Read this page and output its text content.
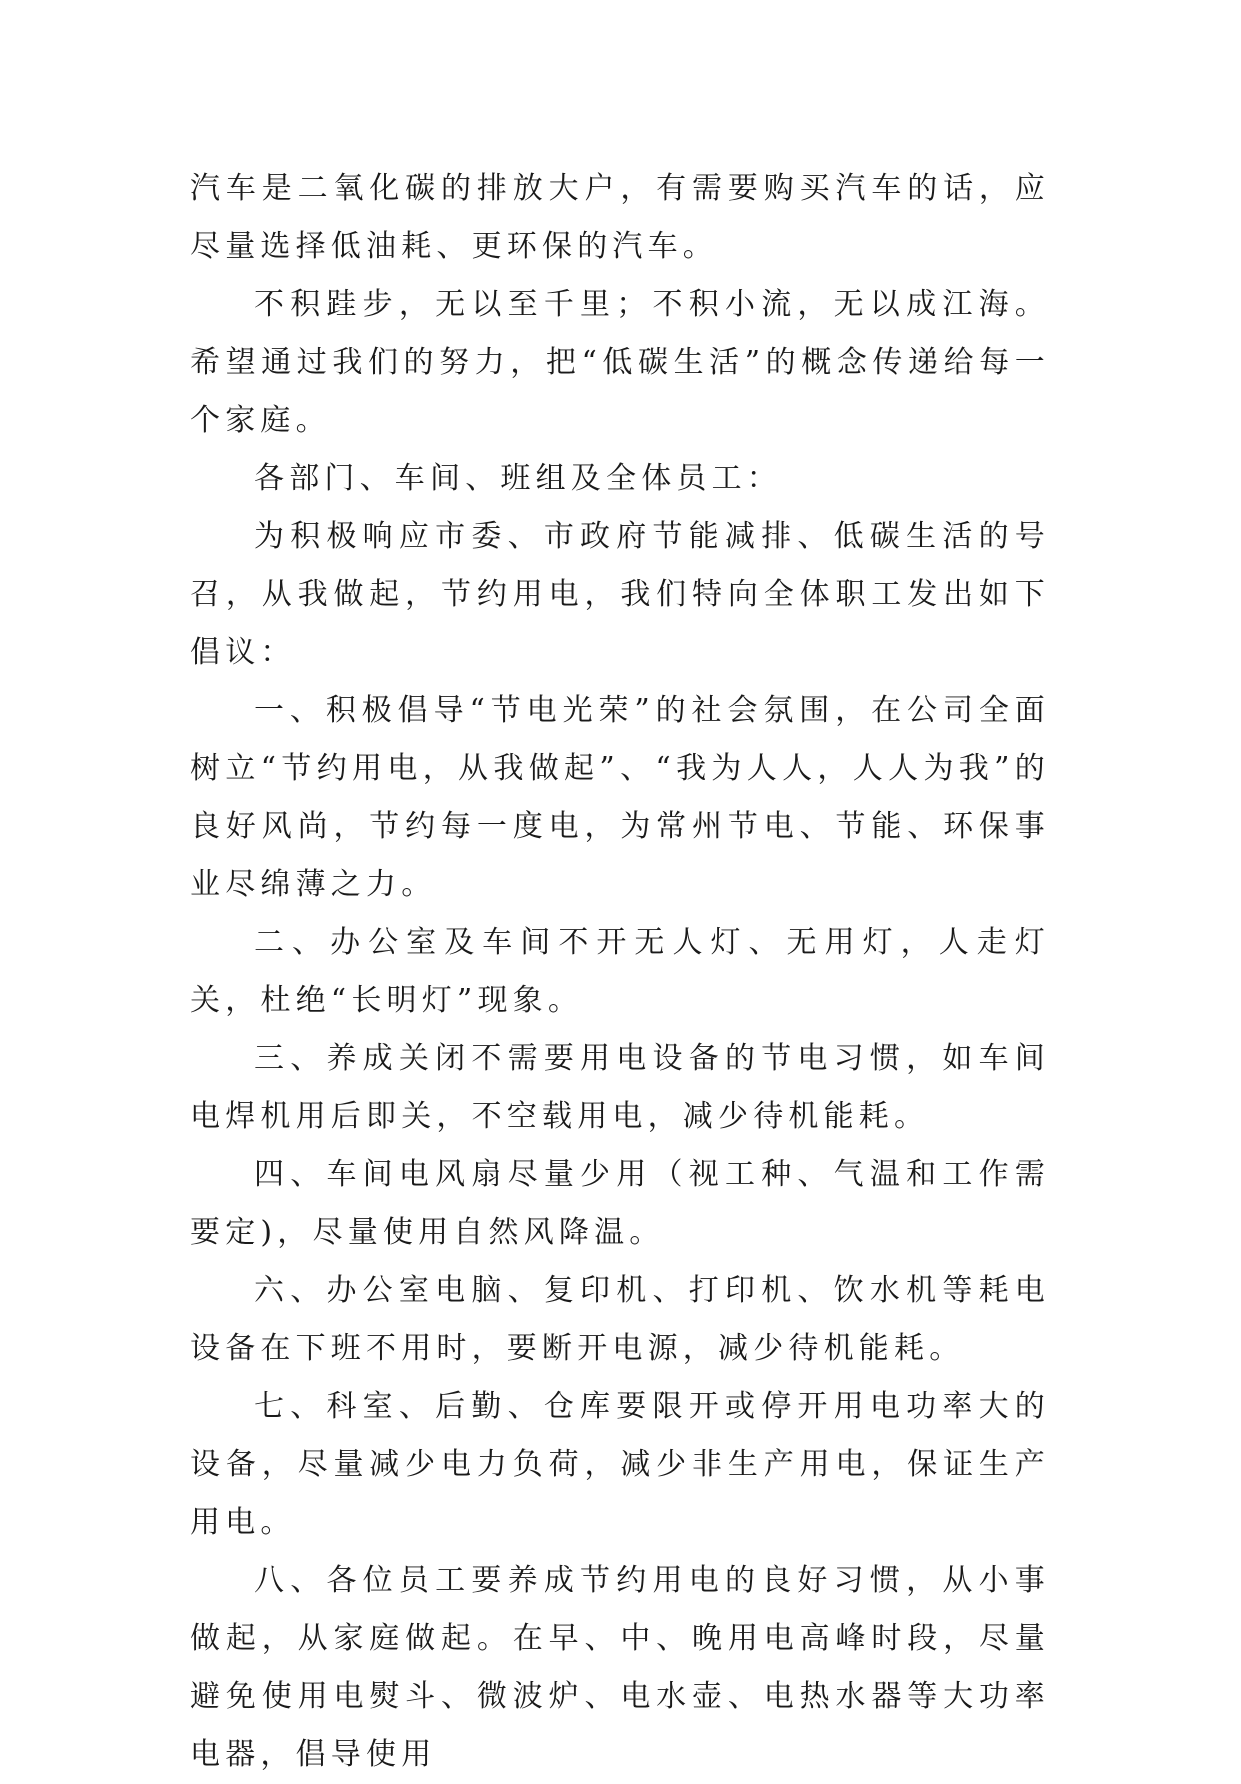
汽车是二氧化碳的排放大户，有需要购买汽车的话，应尽量选择低油耗、更环保的汽车。

不积跬步，无以至千里；不积小流，无以成江海。希望通过我们的努力，把“低碳生活”的概念传递给每一个家庭。

各部门、车间、班组及全体员工：

为积极响应市委、市政府节能减排、低碳生活的号召，从我做起，节约用电，我们特向全体职工发出如下倡议：

一、积极倡导“节电光荣”的社会氛围，在公司全面树立“节约用电，从我做起”、“我为人人，人人为我”的良好风尚，节约每一度电，为常州节电、节能、环保事业尽绵薄之力。

二、办公室及车间不开无人灯、无用灯，人走灯关，杜绝“长明灯”现象。

三、养成关闭不需要用电设备的节电习惯，如车间电焊机用后即关，不空载用电，减少待机能耗。

四、车间电风扇尽量少用（视工种、气温和工作需要定)，尽量使用自然风降温。

六、办公室电脑、复印机、打印机、饮水机等耗电设备在下班不用时，要断开电源，减少待机能耗。

七、科室、后勤、仓库要限开或停开用电功率大的设备，尽量减少电力负荷，减少非生产用电，保证生产用电。

八、各位员工要养成节约用电的良好习惯，从小事做起，从家庭做起。在早、中、晚用电高峰时段，尽量避免使用电熨斗、微波炉、电水壶、电热水器等大功率电器，倡导使用
